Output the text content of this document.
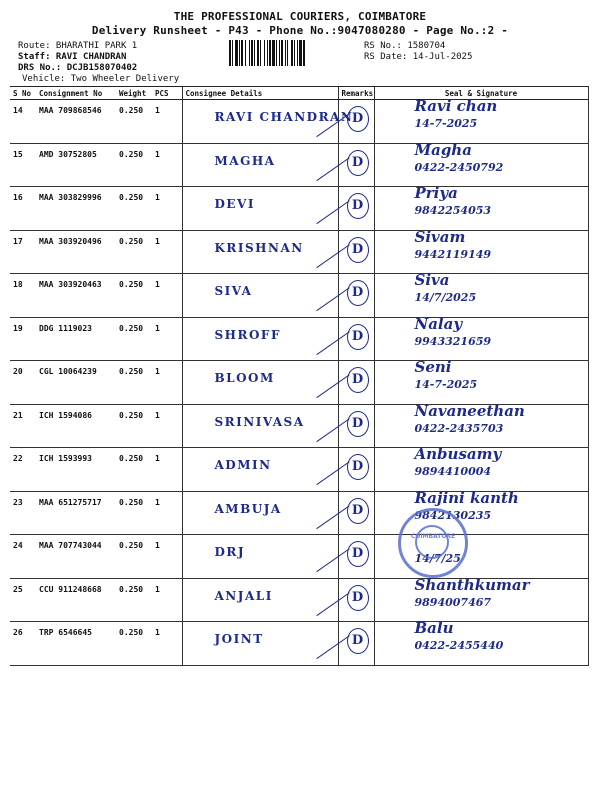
THE PROFESSIONAL COURIERS, COIMBATORE
Delivery Runsheet - P43 - Phone No.:9047080280 - Page No.:2 -
Route: BHARATHI PARK 1
Staff: RAVI CHANDRAN
DRS No.: DCJB158070402
Vehicle: Two Wheeler Delivery
RS No.: 1580704
RS Date: 14-Jul-2025
S No	Consignment No	Weight	PCS	Consignee Details	Remarks	Seal & Signature
14	MAA 709868546	0.250	1	RAVI CHANDRAN	D	Ravi chan
14-7-2025

15	AMD 30752805	0.250	1	MAGHA	D	Magha
0422-2450792

16	MAA 303829996	0.250	1	DEVI	D	Priya
9842254053

17	MAA 303920496	0.250	1	KRISHNAN	D	Sivam
9442119149

18	MAA 303920463	0.250	1	SIVA	D	Siva
14/7/2025

19	DDG 1119023	0.250	1	SHROFF	D	Nalay
9943321659

20	CGL 10064239	0.250	1	BLOOM	D	Seni
14-7-2025

21	ICH 1594086	0.250	1	SRINIVASA	D	Navaneethan
0422-2435703

22	ICH 1593993	0.250	1	ADMIN	D	Anbusamy
9894410004

23	MAA 651275717	0.250	1	AMBUJA	D	Rajini kanth
9842130235

24	MAA 707743044	0.250	1	DRJ	D	14/7/25

25	CCU 911248668	0.250	1	ANJALI	D	Shanthkumar
9894007467

26	TRP 6546645	0.250	1	JOINT	D	Balu
0422-2455440
COIMBATORE
